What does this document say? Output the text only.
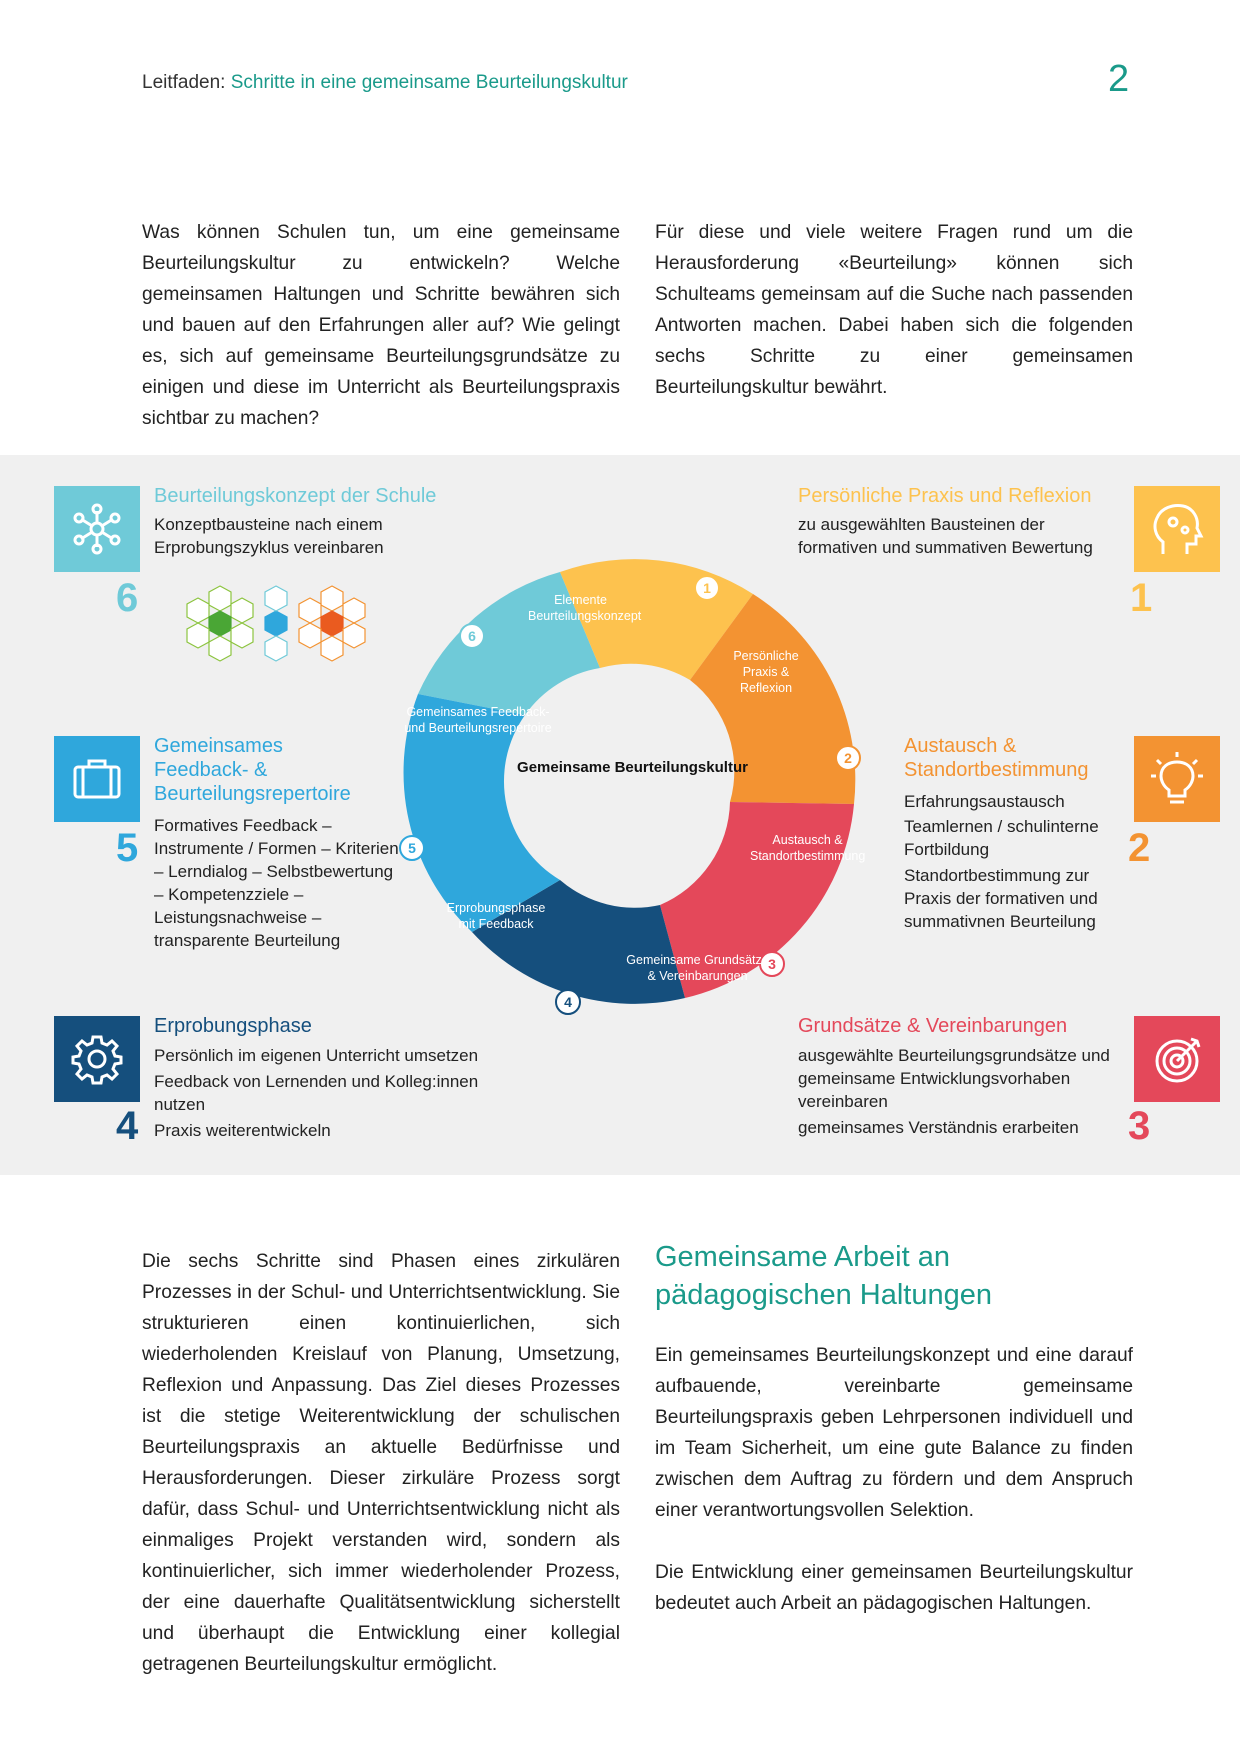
Leitfaden: Schritte in eine gemeinsame Beurteilungskultur	2

Was können Schulen tun, um eine gemeinsame Beurteilungskultur zu entwickeln? Welche gemeinsamen Haltungen und Schritte bewähren sich und bauen auf den Erfahrungen aller auf? Wie gelingt es, sich auf gemeinsame Beurteilungsgrundsätze zu einigen und diese im Unterricht als Beurteilungspraxis sichtbar zu machen?

Für diese und viele weitere Fragen rund um die Herausforderung «Beurteilung» können sich Schulteams gemeinsam auf die Suche nach passenden Antworten machen. Dabei haben sich die folgenden sechs Schritte zu einer gemeinsamen Beurteilungskultur bewährt.

6
Beurteilungskonzept der Schule
Konzeptbausteine nach einem Erprobungszyklus vereinbaren
5
Gemeinsames Feedback- & Beurteilungsrepertoire
Formatives Feedback – Instrumente / Formen – Kriterien – Lerndialog – Selbstbewertung – Kompetenzziele – Leistungsnachweise – transparente Beurteilung
4
Erprobungsphase
Persönlich im eigenen Unterricht umsetzen
Feedback von Lernenden und Kolleg:innen nutzen
Praxis weiterentwickeln
1
Persönliche Praxis und Reflexion
zu ausgewählten Bausteinen der formativen und summativen Bewertung
2
Austausch & Standortbestimmung
Erfahrungsaustausch
Teamlernen / schulinterne Fortbildung
Standortbestimmung zur Praxis der formativen und summativnen Beurteilung
3
Grundsätze & Vereinbarungen
ausgewählte Beurteilungsgrundsätze und gemeinsame Entwicklungsvorhaben vereinbaren
gemeinsames Verständnis erarbeiten
1
2
3
4
5
6
Gemeinsame Beurteilungskultur
Persönliche Praxis & Reflexion
Austausch & Standortbestimmung
Gemeinsame Grundsätze & Vereinbarungen
Erprobungsphase mit Feedback
Gemeinsames Feedback- und Beurteilungsrepertoire
Elemente Beurteilungskonzept

Die sechs Schritte sind Phasen eines zirkulären Prozesses in der Schul- und Unterrichtsentwicklung. Sie strukturieren einen kontinuierlichen, sich wiederholenden Kreislauf von Planung, Umsetzung, Reflexion und Anpassung. Das Ziel dieses Prozesses ist die stetige Weiterentwicklung der schulischen Beurteilungspraxis an aktuelle Bedürfnisse und Herausforderungen. Dieser zirkuläre Prozess sorgt dafür, dass Schul- und Unterrichtsentwicklung nicht als einmaliges Projekt verstanden wird, sondern als kontinuierlicher, sich immer wiederholender Prozess, der eine dauerhafte Qualitätsentwicklung sicherstellt und überhaupt die Entwicklung einer kollegial getragenen Beurteilungskultur ermöglicht.

Gemeinsame Arbeit an pädagogischen Haltungen

Ein gemeinsames Beurteilungskonzept und eine darauf aufbauende, vereinbarte gemeinsame Beurteilungspraxis geben Lehrpersonen individuell und im Team Sicherheit, um eine gute Balance zu finden zwischen dem Auftrag zu fördern und dem Anspruch einer verantwortungsvollen Selektion.

Die Entwicklung einer gemeinsamen Beurteilungskultur bedeutet auch Arbeit an pädagogischen Haltungen.
